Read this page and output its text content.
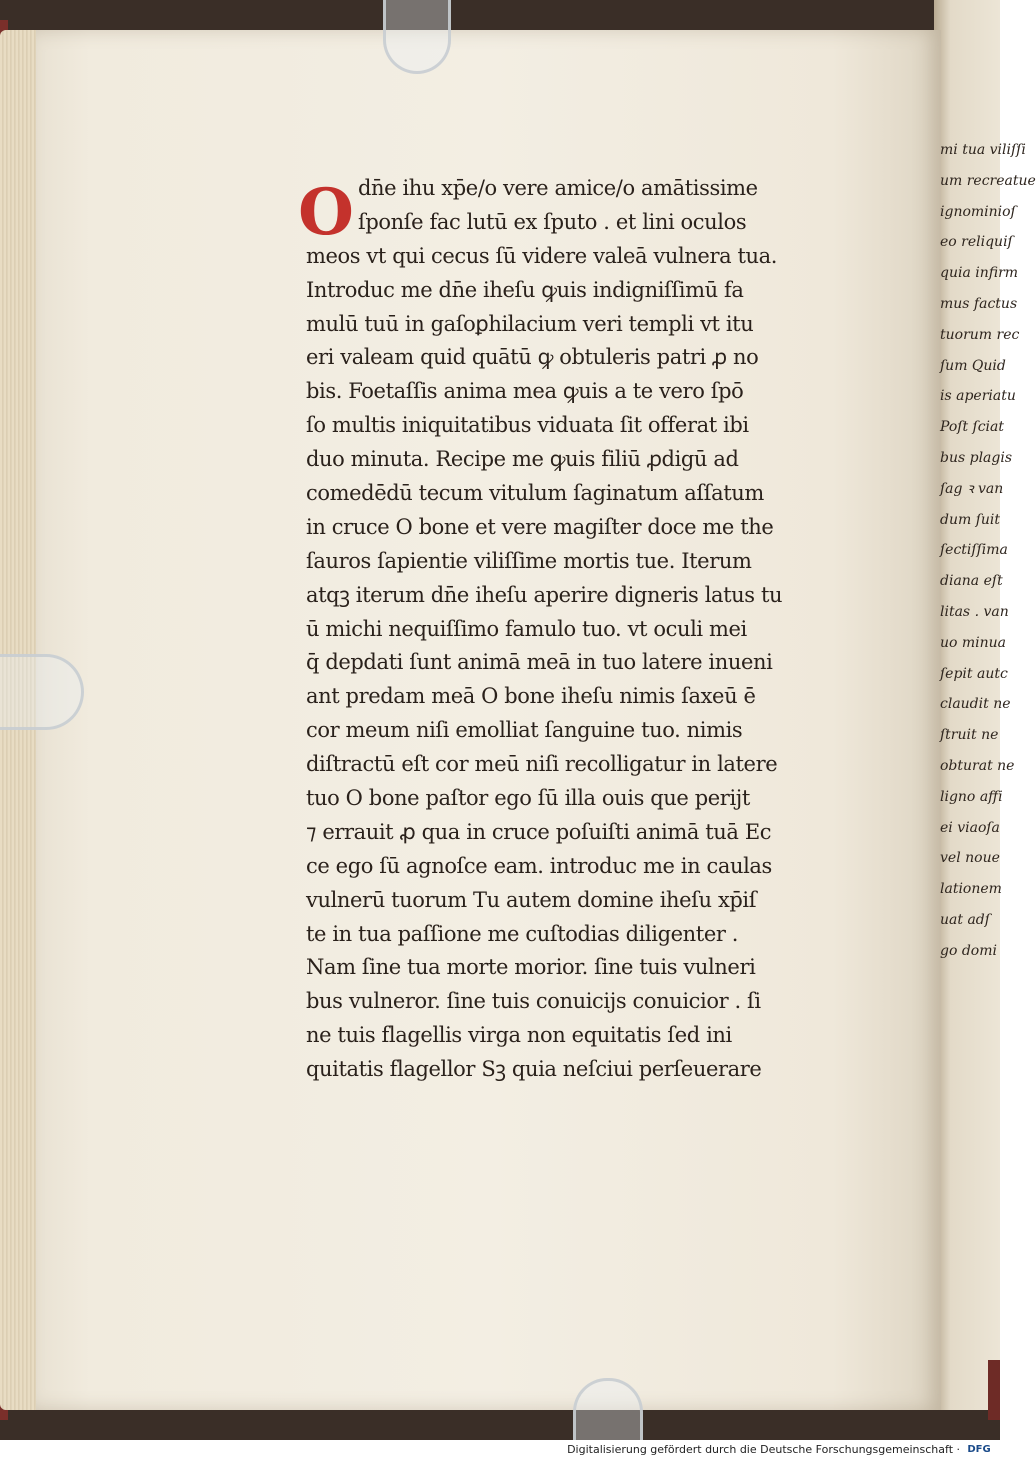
O dn̄e ihu xp̄e/o vere amice/o amātissime
ſponſe fac lutū ex ſputo . et lini oculos
meos vt qui cecus ſū videre valeā vulnera tua.
Introduc me dn̄e iheſu ꝙuis indigniſſimū fa
mulū tuū in gaſoꝑhilacium veri templi vt itu
eri valeam quid quātū ꝙ obtuleris patri ꝓ no
bis. Foetaſſis anima mea ꝙuis a te vero ſpō
ſo multis iniquitatibus viduata ſit offerat ibi
duo minuta. Recipe me ꝙuis filiū ꝓdigū ad
comedēdū tecum vitulum ſaginatum aſſatum
in cruce O bone et vere magiſter doce me the
ſauros ſapientie viliſſime mortis tue. Iterum
atqꝫ iterum dn̄e iheſu aperire digneris latus tu
ū michi nequiſſimo famulo tuo. vt oculi mei
q̄ depdati ſunt animā meā in tuo latere inueni
ant predam meā O bone iheſu nimis ſaxeū ē
cor meum niſi emolliat ſanguine tuo. nimis
diſtractū eſt cor meū niſi recolligatur in latere
tuo O bone paſtor ego ſū illa ouis que perijt
⁊ errauit ꝓ qua in cruce poſuiſti animā tuā Ec
ce ego ſū agnoſce eam. introduc me in caulas
vulnerū tuorum Tu autem domine iheſu xp̄iſ
te in tua paſſione me cuſtodias diligenter .
Nam ſine tua morte morior. ſine tuis vulneri
bus vulneror. ſine tuis conuicijs conuicior . ſi
ne tuis flagellis virga non equitatis ſed ini
quitatis flagellor Sꝫ quia neſciui perſeuerare
mi tua viliſſi
um recreatue
ignominioſ
eo reliquiſ
quia infirm
mus factus
tuorum rec
ſum Quid
is aperiatu
Poſt ſciat
bus plagis
ſag ꝛ van
dum ſuit
ſectiſſima
diana eſt
litas . van
uo minua
ſepit autc
claudit ne
ſtruit ne
obturat ne
ligno affi
ei viaoſa
vel noue
lationem
uat adſ
go domi
Digitalisierung gefördert durch die Deutsche Forschungsgemeinschaft · DFG
